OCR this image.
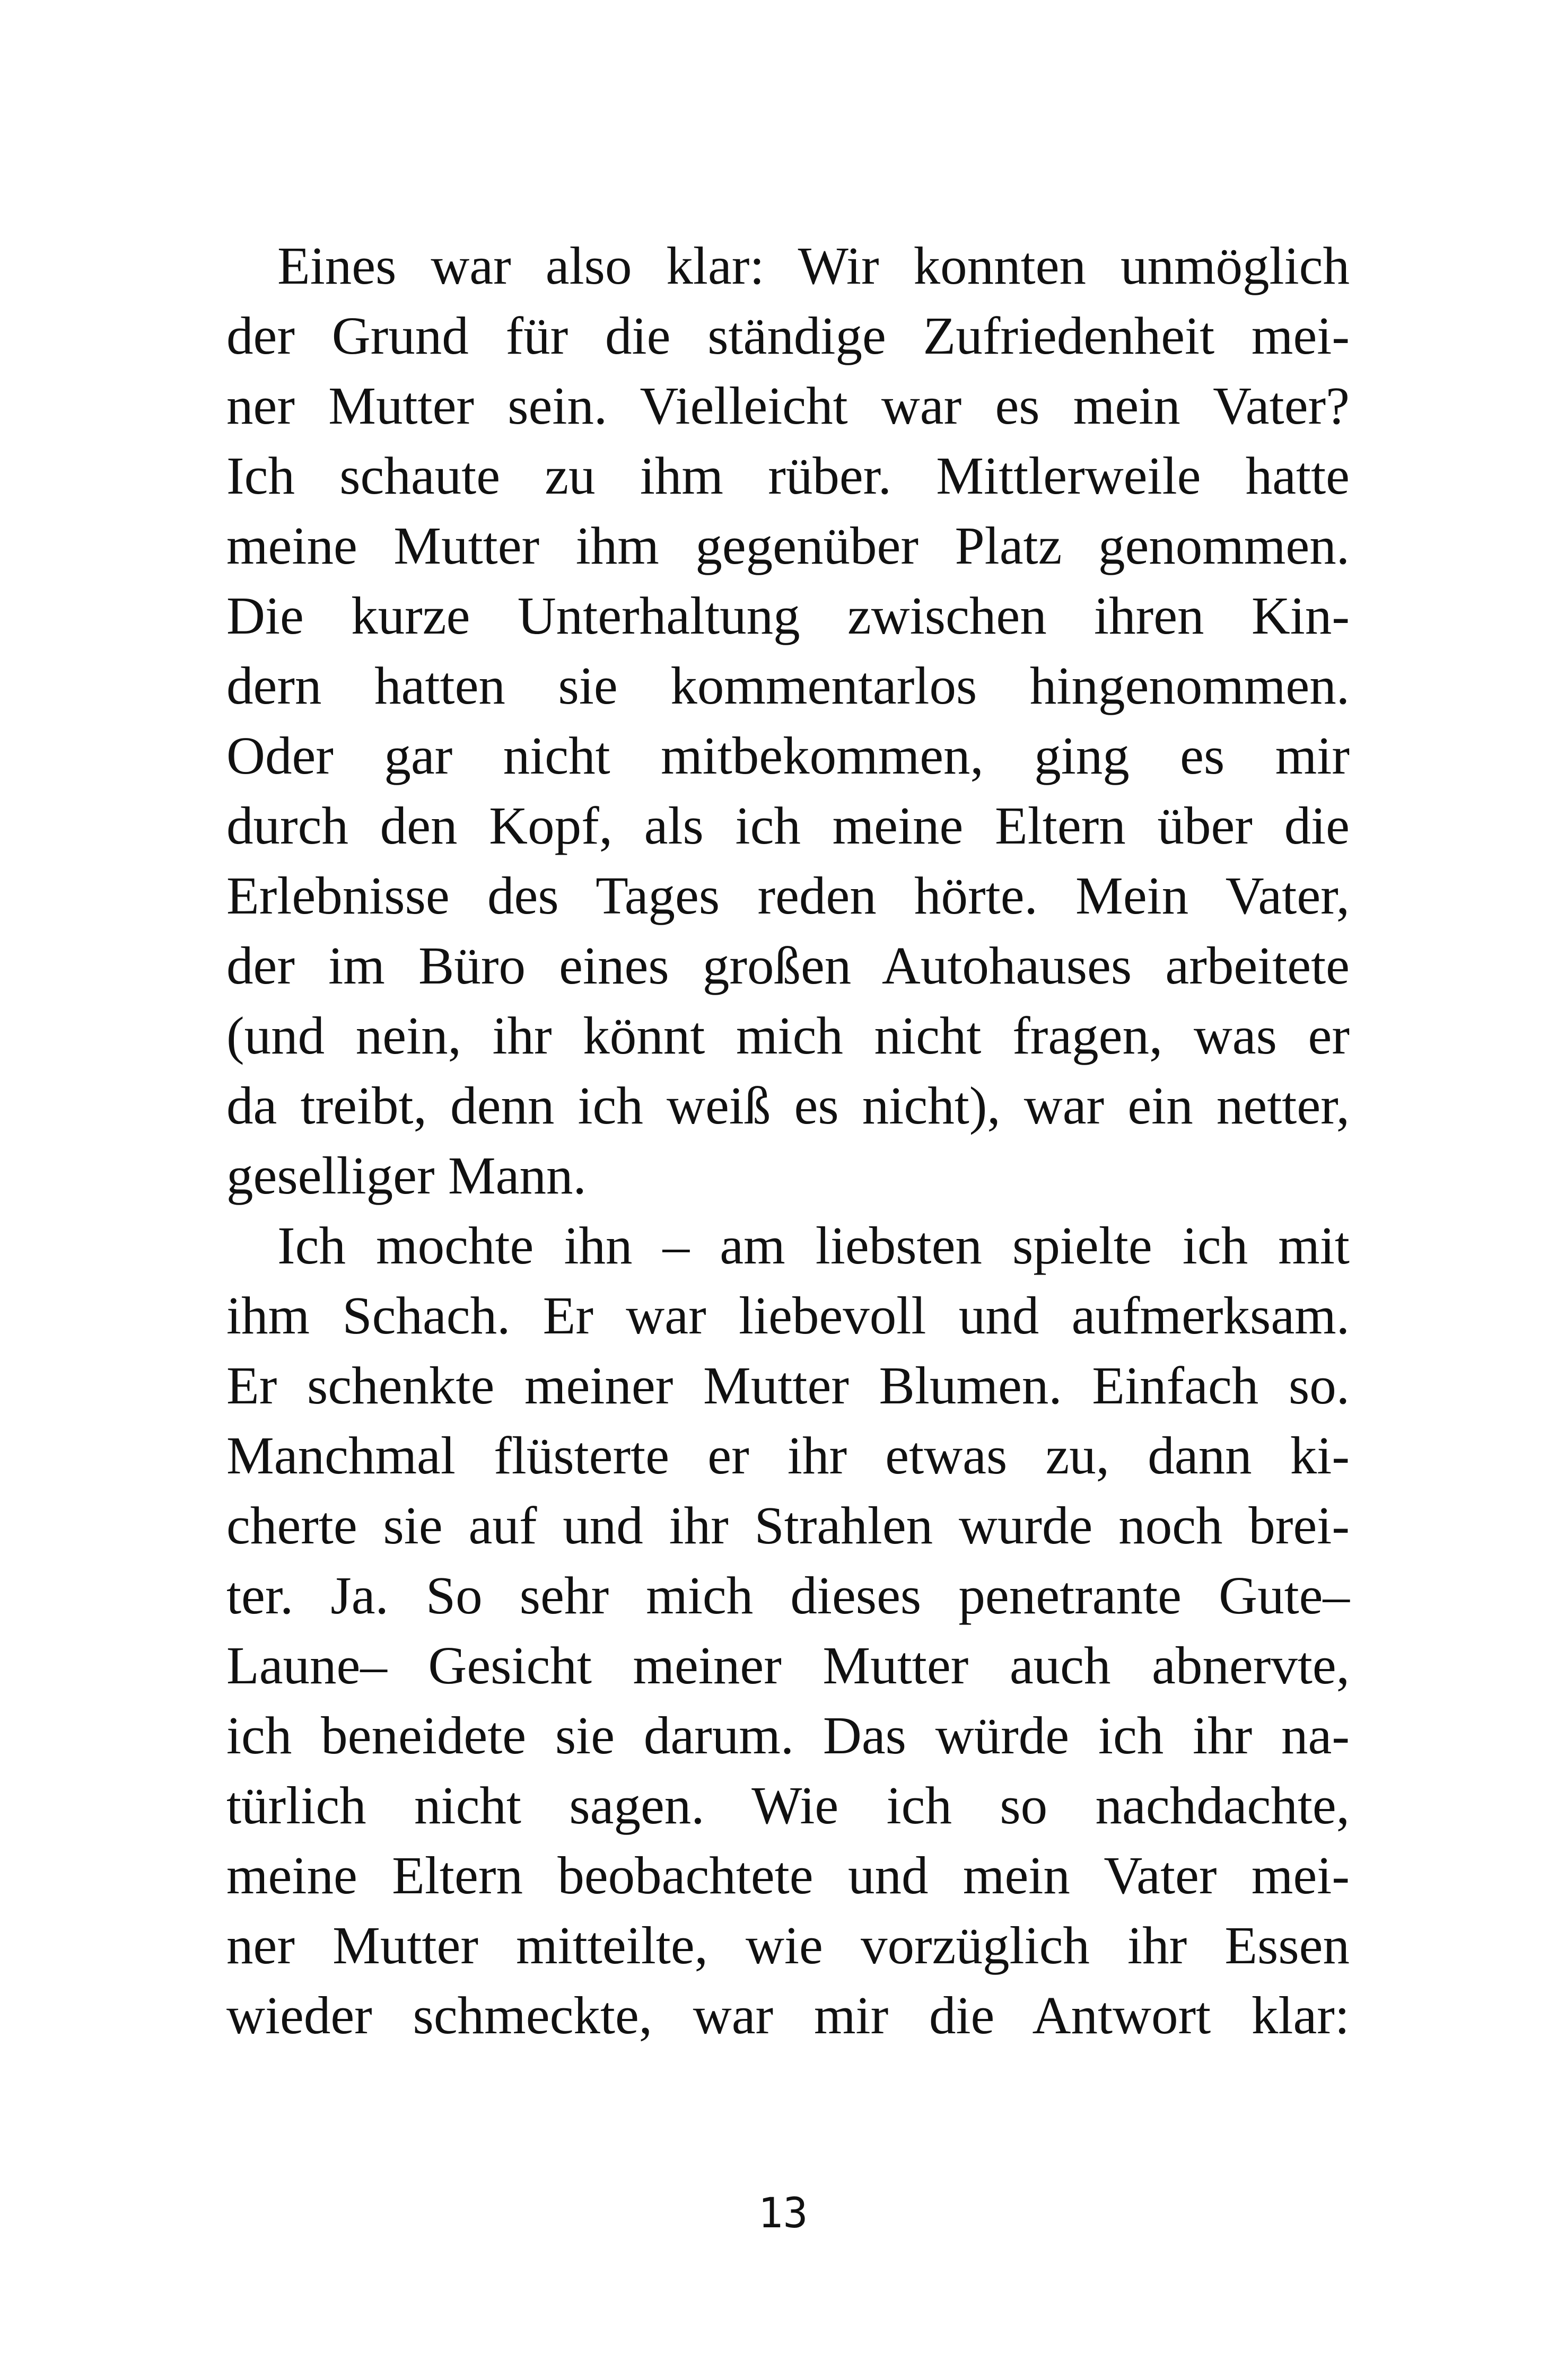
Eines war also klar: Wir konnten unmöglich
der Grund für die ständige Zufriedenheit mei-
ner Mutter sein. Vielleicht war es mein Vater?
Ich schaute zu ihm rüber. Mittlerweile hatte
meine Mutter ihm gegenüber Platz genommen.
Die kurze Unterhaltung zwischen ihren Kin-
dern hatten sie kommentarlos hingenommen.
Oder gar nicht mitbekommen, ging es mir
durch den Kopf, als ich meine Eltern über die
Erlebnisse des Tages reden hörte. Mein Vater,
der im Büro eines großen Autohauses arbeitete
(und nein, ihr könnt mich nicht fragen, was er
da treibt, denn ich weiß es nicht), war ein netter,
geselliger Mann.
Ich mochte ihn – am liebsten spielte ich mit
ihm Schach. Er war liebevoll und aufmerksam.
Er schenkte meiner Mutter Blumen. Einfach so.
Manchmal flüsterte er ihr etwas zu, dann ki-
cherte sie auf und ihr Strahlen wurde noch brei-
ter. Ja. So sehr mich dieses penetrante Gute–
Laune– Gesicht meiner Mutter auch abnervte,
ich beneidete sie darum. Das würde ich ihr na-
türlich nicht sagen. Wie ich so nachdachte,
meine Eltern beobachtete und mein Vater mei-
ner Mutter mitteilte, wie vorzüglich ihr Essen
wieder schmeckte, war mir die Antwort klar:
13
